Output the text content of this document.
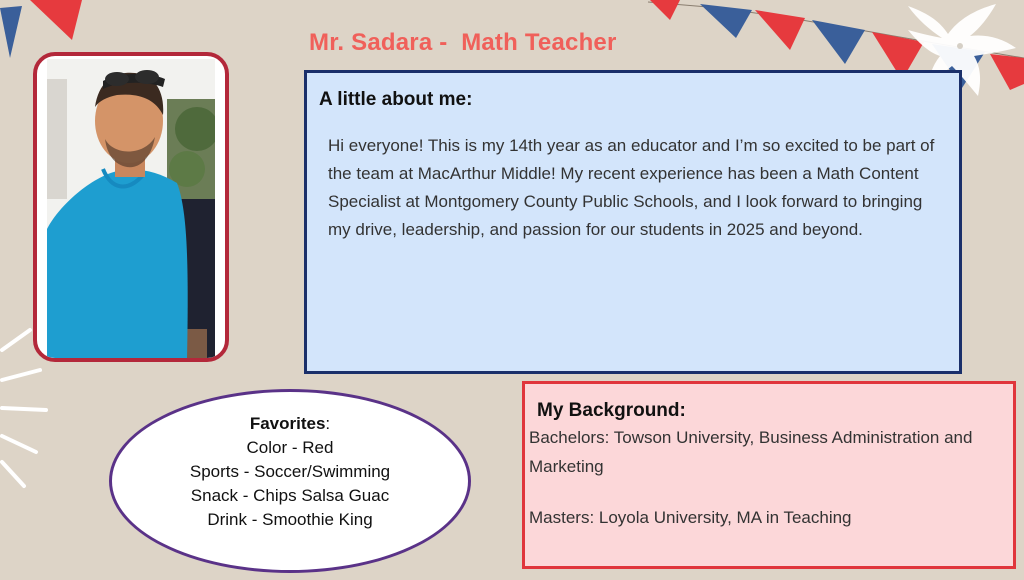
Mr. Sadara -  Math Teacher
A little about me:
Hi everyone! This is my 14th year as an educator and I’m so excited to be part of the team at MacArthur Middle! My recent experience has been a Math Content Specialist at Montgomery County Public Schools, and I look forward to bringing my drive, leadership, and passion for our students in 2025 and beyond.
Favorites:
Color - Red
Sports - Soccer/Swimming
Snack - Chips Salsa Guac
Drink - Smoothie King
My Background:

Bachelors: Towson University, Business Administration and Marketing

Masters: Loyola University, MA in Teaching
